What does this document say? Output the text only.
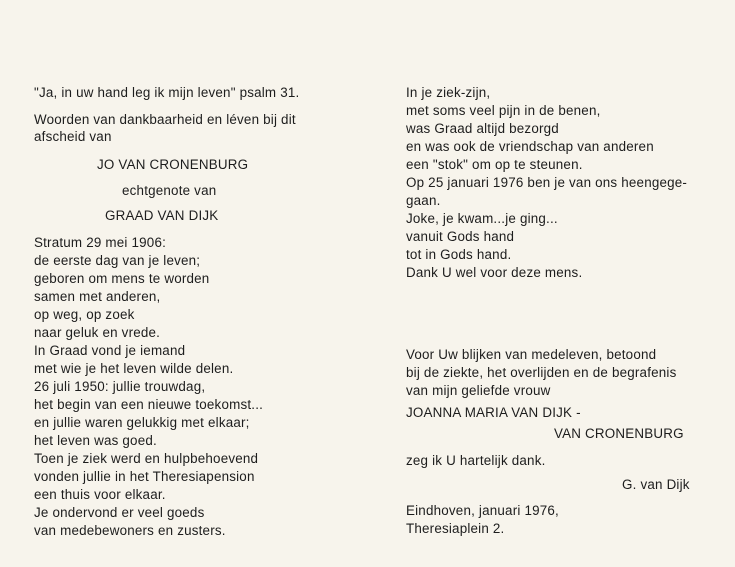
"Ja, in uw hand leg ik mijn leven" psalm 31.
Woorden van dankbaarheid en léven bij dit
afscheid van
JO VAN CRONENBURG
echtgenote van
GRAAD VAN DIJK
Stratum 29 mei 1906:
de eerste dag van je leven;
geboren om mens te worden
samen met anderen,
op weg, op zoek
naar geluk en vrede.
In Graad vond je iemand
met wie je het leven wilde delen.
26 juli 1950: jullie trouwdag,
het begin van een nieuwe toekomst...
en jullie waren gelukkig met elkaar;
het leven was goed.
Toen je ziek werd en hulpbehoevend
vonden jullie in het Theresiapension
een thuis voor elkaar.
Je ondervond er veel goeds
van medebewoners en zusters.
In je ziek-zijn,
met soms veel pijn in de benen,
was Graad altijd bezorgd
en was ook de vriendschap van anderen
een "stok" om op te steunen.
Op 25 januari 1976 ben je van ons heengege-
gaan.
Joke, je kwam...je ging...
vanuit Gods hand
tot in Gods hand.
Dank U wel voor deze mens.
Voor Uw blijken van medeleven, betoond
bij de ziekte, het overlijden en de begrafenis
van mijn geliefde vrouw
JOANNA MARIA VAN DIJK -
VAN CRONENBURG
zeg ik U hartelijk dank.
G. van Dijk
Eindhoven, januari 1976,
Theresiaplein 2.
